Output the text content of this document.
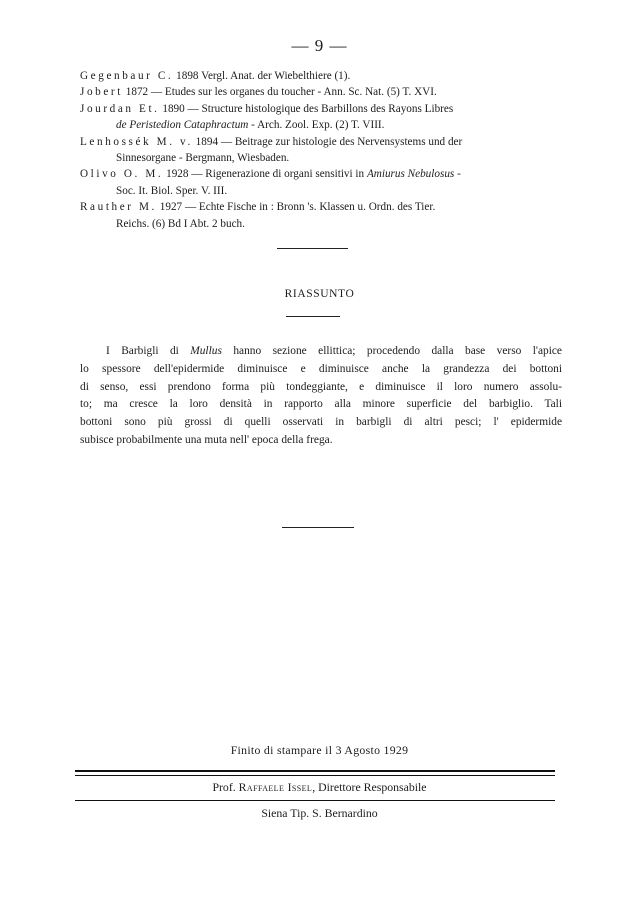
— 9 —
Gegenbaur C. 1898 Vergl. Anat. der Wiebelthiere (1).
Jobert 1872 — Etudes sur les organes du toucher - Ann. Sc. Nat. (5) T. XVI.
Jourdan Et. 1890 — Structure histologique des Barbillons des Rayons Libres
de Peristedion Cataphractum - Arch. Zool. Exp. (2) T. VIII.
Lenhossék M. v. 1894 — Beitrage zur histologie des Nervensystems und der
Sinnesorgane - Bergmann, Wiesbaden.
Olivo O. M. 1928 — Rigenerazione di organi sensitivi in Amiurus Nebulosus -
Soc. It. Biol. Sper. V. III.
Rauther M. 1927 — Echte Fische in : Bronn 's. Klassen u. Ordn. des Tier.
Reichs. (6) Bd I Abt. 2 buch.
RIASSUNTO
I Barbigli di Mullus hanno sezione ellittica; procedendo dalla base verso l'apice
lo spessore dell'epidermide diminuisce e diminuisce anche la grandezza dei bottoni
di senso, essi prendono forma più tondeggiante, e diminuisce il loro numero assolu-
to; ma cresce la loro densità in rapporto alla minore superficie del barbiglio. Tali
bottoni sono più grossi di quelli osservati in barbigli di altri pesci; l' epidermide
subisce probabilmente una muta nell' epoca della frega.
Finito di stampare il 3 Agosto 1929
Prof. Raffaele Issel, Direttore Responsabile
Siena Tip. S. Bernardino
